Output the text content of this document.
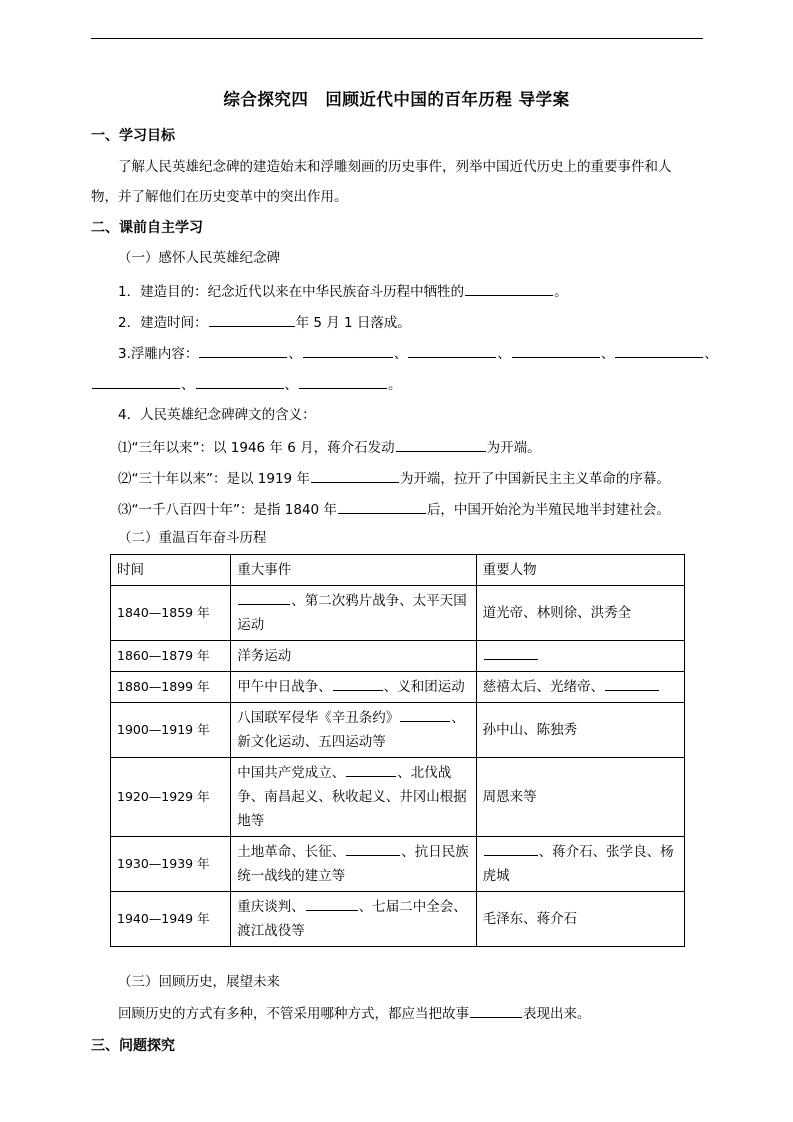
综合探究四　回顾近代中国的百年历程 导学案
一、学习目标
了解人民英雄纪念碑的建造始末和浮雕刻画的历史事件，列举中国近代历史上的重要事件和人
物，并了解他们在历史变革中的突出作用。
二、课前自主学习
（一）感怀人民英雄纪念碑
1．建造目的：纪念近代以来在中华民族奋斗历程中牺牲的	。
2．建造时间：	年 5 月 1 日落成。
3.浮雕内容：	、	、	、	、	、
、	、	。
4．人民英雄纪念碑碑文的含义：
⑴“三年以来”：以 1946 年 6 月，蒋介石发动	为开端。
⑵“三十年以来”：是以 1919 年	为开端，拉开了中国新民主主义革命的序幕。
⑶“一千八百四十年”：是指 1840 年	后，中国开始沦为半殖民地半封建社会。
（二）重温百年奋斗历程
时间	重大事件	重要人物
1840—1859 年	、第二次鸦片战争、太平天国运动	道光帝、林则徐、洪秀全
1860—1879 年	洋务运动	
1880—1899 年	甲午中日战争、 、义和团运动	慈禧太后、光绪帝、
1900—1919 年	八国联军侵华《辛丑条约》 、新文化运动、五四运动等	孙中山、陈独秀
1920—1929 年	中国共产党成立、 、北伐战争、南昌起义、秋收起义、井冈山根据地等	周恩来等
1930—1939 年	土地革命、长征、 、抗日民族统一战线的建立等	、蒋介石、张学良、杨虎城
1940—1949 年	重庆谈判、 、七届二中全会、渡江战役等	毛泽东、蒋介石
（三）回顾历史，展望未来
回顾历史的方式有多种，不管采用哪种方式，都应当把故事	表现出来。
三、问题探究
